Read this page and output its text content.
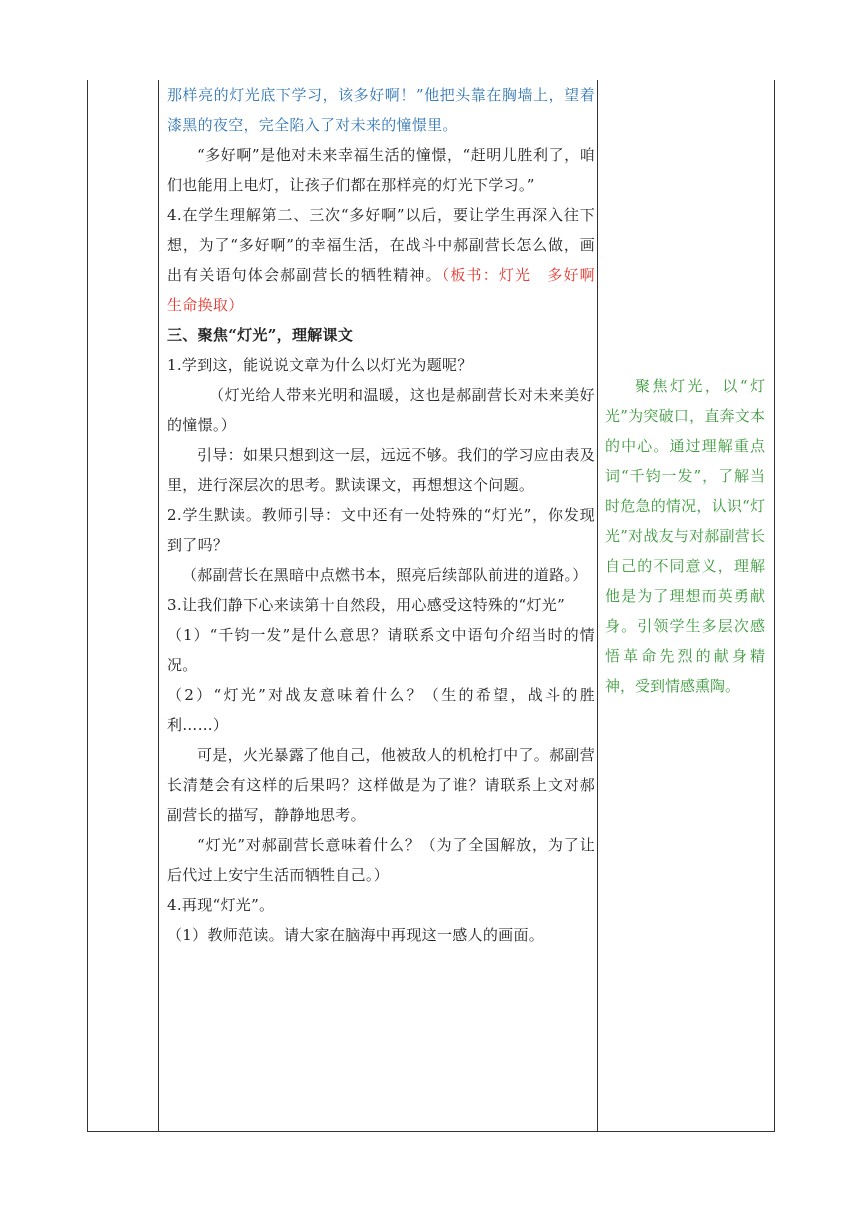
那样亮的灯光底下学习，该多好啊！”他把头靠在胸墙上，望着漆黑的夜空，完全陷入了对未来的憧憬里。

“多好啊”是他对未来幸福生活的憧憬，“赶明儿胜利了，咱们也能用上电灯，让孩子们都在那样亮的灯光下学习。”

4.在学生理解第二、三次“多好啊”以后，要让学生再深入往下想，为了“多好啊”的幸福生活，在战斗中郝副营长怎么做，画出有关语句体会郝副营长的牺牲精神。（板书：灯光　多好啊　生命换取）

三、聚焦“灯光”，理解课文

1.学到这，能说说文章为什么以灯光为题呢？

（灯光给人带来光明和温暖，这也是郝副营长对未来美好的憧憬。）

引导：如果只想到这一层，远远不够。我们的学习应由表及里，进行深层次的思考。默读课文，再想想这个问题。

2.学生默读。教师引导：文中还有一处特殊的“灯光”，你发现到了吗？

（郝副营长在黑暗中点燃书本，照亮后续部队前进的道路。）

3.让我们静下心来读第十自然段，用心感受这特殊的“灯光”

（1）“千钧一发”是什么意思？请联系文中语句介绍当时的情况。

（2）“灯光”对战友意味着什么？（生的希望，战斗的胜利……）

可是，火光暴露了他自己，他被敌人的机枪打中了。郝副营长清楚会有这样的后果吗？这样做是为了谁？请联系上文对郝副营长的描写，静静地思考。

“灯光”对郝副营长意味着什么？（为了全国解放，为了让后代过上安宁生活而牺牲自己。）

4.再现“灯光”。

（1）教师范读。请大家在脑海中再现这一感人的画面。

聚焦灯光，以“灯光”为突破口，直奔文本的中心。通过理解重点词“千钧一发”，了解当时危急的情况，认识“灯光”对战友与对郝副营长自己的不同意义，理解他是为了理想而英勇献身。引领学生多层次感悟革命先烈的献身精神，受到情感熏陶。
